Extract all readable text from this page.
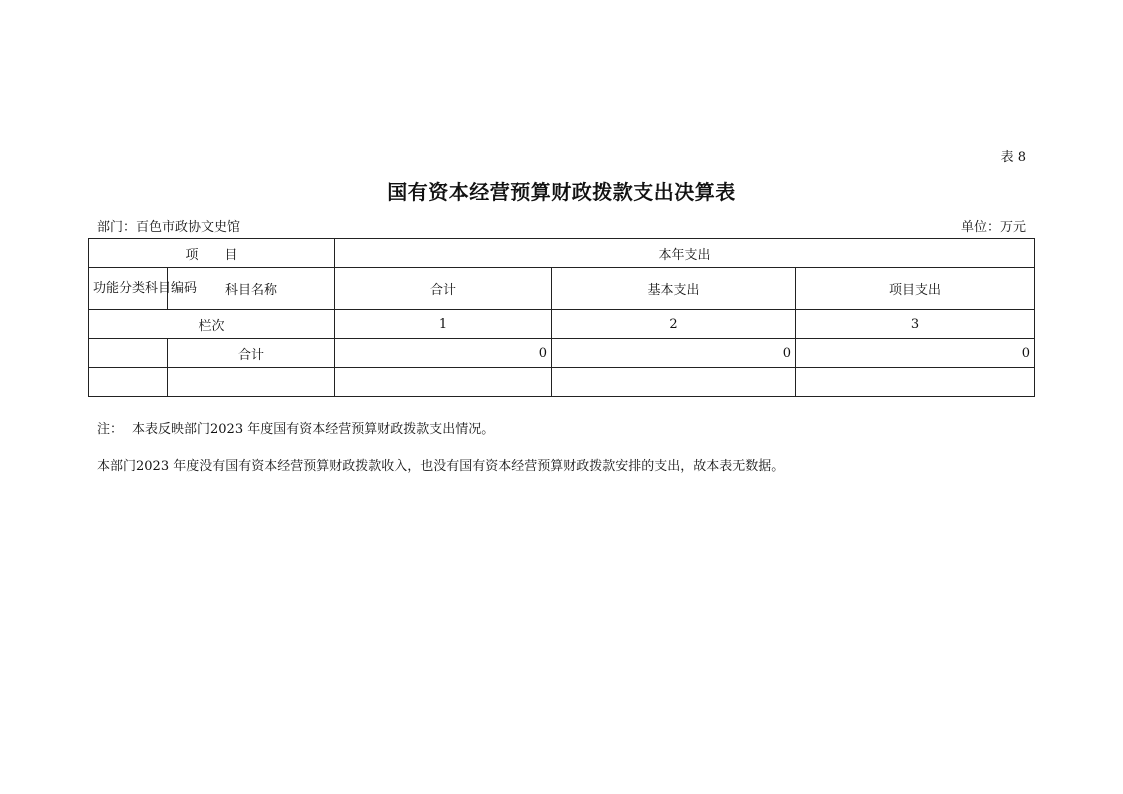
表 8
国有资本经营预算财政拨款支出决算表
部门：百色市政协文史馆	单位：万元
项　　目		本年支出		
功能分类科目编码	科目名称	合计	基本支出	项目支出
栏次		1	2	3
	合计	0	0	0

注： 本表反映部门2023 年度国有资本经营预算财政拨款支出情况。
本部门2023 年度没有国有资本经营预算财政拨款收入，也没有国有资本经营预算财政拨款安排的支出，故本表无数据。
